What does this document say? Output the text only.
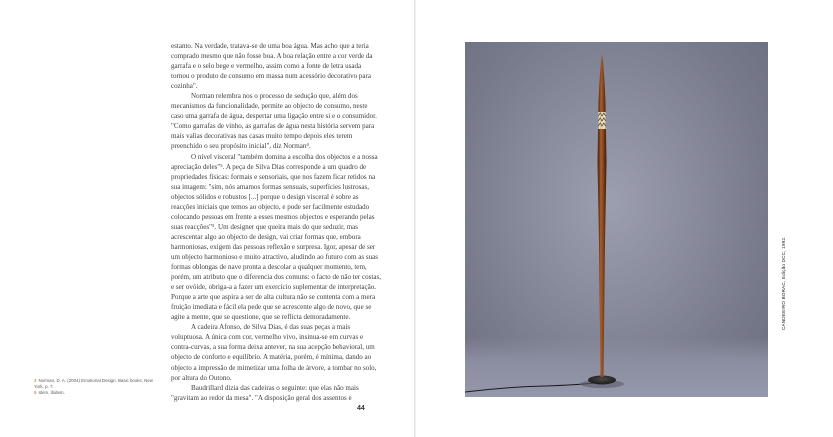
estanto. Na verdade, tratava-se de uma boa água. Mas acho que a teria comprado mesmo que não fosse boa. A boa relação entre a cor verde da garrafa e o selo bege e vermelho, assim como a fonte de letra usada tornou o produto de consumo em massa num acessório decorativo para cozinha".

Norman relembra nos o processo de sedução que, além dos mecanismos da funcionalidade, permite ao objecto de consumo, neste caso uma garrafa de água, despertar uma ligação entre si e o consumidor. "Como garrafas de vinho, as garrafas de água nesta história servem para mais valias decorativas nas casas muito tempo depois eles terem preenchido o seu propósito inicial", diz Norman⁴.

O nível visceral "também domina a escolha dos objectos e a nossa apreciação deles"⁵. A peça de Silva Dias corresponde a um quadro de propriedades físicas: formais e sensoriais, que nos fazem ficar retidos na sua imagem: "sim, nós amamos formas sensuais, superfícies lustrosas, objectos sólidos e robustos [...] porque o design visceral é sobre as reacções iniciais que temos ao objecto, e pode ser facilmente estudado colocando pessoas em frente a esses mesmos objectos e esperando pelas suas reacções"⁵. Um designer que queira mais do que seduzir, mas acrescentar algo ao objecto de design, vai criar formas que, embora harmoniosas, exigem das pessoas reflexão e surpresa. Igor, apesar de ser um objecto harmonioso e muito atractivo, aludindo ao futuro com as suas formas oblongas de nave pronta a descolar a qualquer momento, tem, porém, um atributo que o diferencia dos comuns: o facto de não ter costas, e ser ovóide, obriga-a a fazer um exercício suplementar de interpretação. Porque a arte que aspira a ser de alta cultura não se contenta com a mera fruição imediata e fácil ela pede que se acrescente algo de novo, que se agite a mente, que se questione, que se reflicta demoradamente.

A cadeira Afonso, de Silva Dias, é das suas peças a mais voluptuosa. A única com cor, vermelho vivo, insinua-se em curvas e contra-curvas, a sua forma deixa antever, na sua acepção behavioral, um objecto de conforto e equilíbrio. A matéria, porém, é mínima, dando ao objecto a impressão de mimetizar uma folha de árvore, a tombar no solo, por altura do Outono.

Baudrillard dizia das cadeiras o seguinte: que elas não mais "gravitam ao redor da mesa". "A disposição geral dos assentos e

4 Norman, D. A. (2004) Emotional Design. Basic books, New York, p. 7.
5 Idem, ibidem.
44
CANDEEIRO BORAC, Edição DCC, 1992.
